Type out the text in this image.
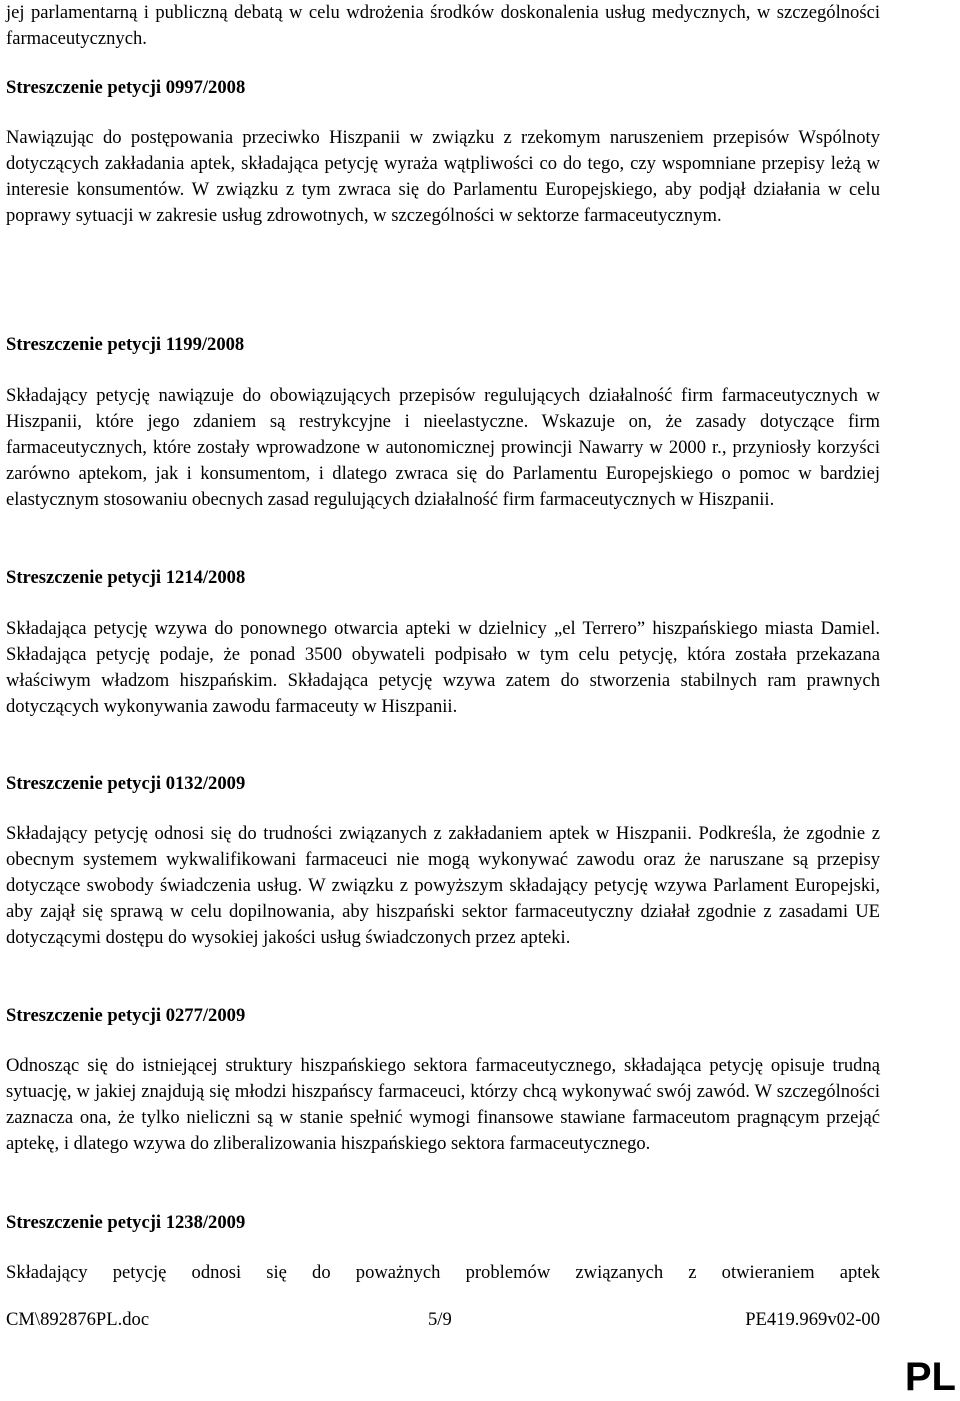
jej parlamentarną i publiczną debatą w celu wdrożenia środków doskonalenia usług medycznych, w szczególności farmaceutycznych.

Streszczenie petycji 0997/2008

Nawiązując do postępowania przeciwko Hiszpanii w związku z rzekomym naruszeniem przepisów Wspólnoty dotyczących zakładania aptek, składająca petycję wyraża wątpliwości co do tego, czy wspomniane przepisy leżą w interesie konsumentów. W związku z tym zwraca się do Parlamentu Europejskiego, aby podjął działania w celu poprawy sytuacji w zakresie usług zdrowotnych, w szczególności w sektorze farmaceutycznym.

Streszczenie petycji 1199/2008

Składający petycję nawiązuje do obowiązujących przepisów regulujących działalność firm farmaceutycznych w Hiszpanii, które jego zdaniem są restrykcyjne i nieelastyczne. Wskazuje on, że zasady dotyczące firm farmaceutycznych, które zostały wprowadzone w autonomicznej prowincji Nawarry w 2000 r., przyniosły korzyści zarówno aptekom, jak i konsumentom, i dlatego zwraca się do Parlamentu Europejskiego o pomoc w bardziej elastycznym stosowaniu obecnych zasad regulujących działalność firm farmaceutycznych w Hiszpanii.

Streszczenie petycji 1214/2008

Składająca petycję wzywa do ponownego otwarcia apteki w dzielnicy „el Terrero” hiszpańskiego miasta Damiel. Składająca petycję podaje, że ponad 3500 obywateli podpisało w tym celu petycję, która została przekazana właściwym władzom hiszpańskim. Składająca petycję wzywa zatem do stworzenia stabilnych ram prawnych dotyczących wykonywania zawodu farmaceuty w Hiszpanii.

Streszczenie petycji 0132/2009

Składający petycję odnosi się do trudności związanych z zakładaniem aptek w Hiszpanii. Podkreśla, że zgodnie z obecnym systemem wykwalifikowani farmaceuci nie mogą wykonywać zawodu oraz że naruszane są przepisy dotyczące swobody świadczenia usług. W związku z powyższym składający petycję wzywa Parlament Europejski, aby zajął się sprawą w celu dopilnowania, aby hiszpański sektor farmaceutyczny działał zgodnie z zasadami UE dotyczącymi dostępu do wysokiej jakości usług świadczonych przez apteki.

Streszczenie petycji 0277/2009

Odnosząc się do istniejącej struktury hiszpańskiego sektora farmaceutycznego, składająca petycję opisuje trudną sytuację, w jakiej znajdują się młodzi hiszpańscy farmaceuci, którzy chcą wykonywać swój zawód. W szczególności zaznacza ona, że tylko nieliczni są w stanie spełnić wymogi finansowe stawiane farmaceutom pragnącym przejąć aptekę, i dlatego wzywa do zliberalizowania hiszpańskiego sektora farmaceutycznego.

Streszczenie petycji 1238/2009

Składający petycję odnosi się do poważnych problemów związanych z otwieraniem aptek

CM\892876PL.doc	5/9	PE419.969v02-00
PL
